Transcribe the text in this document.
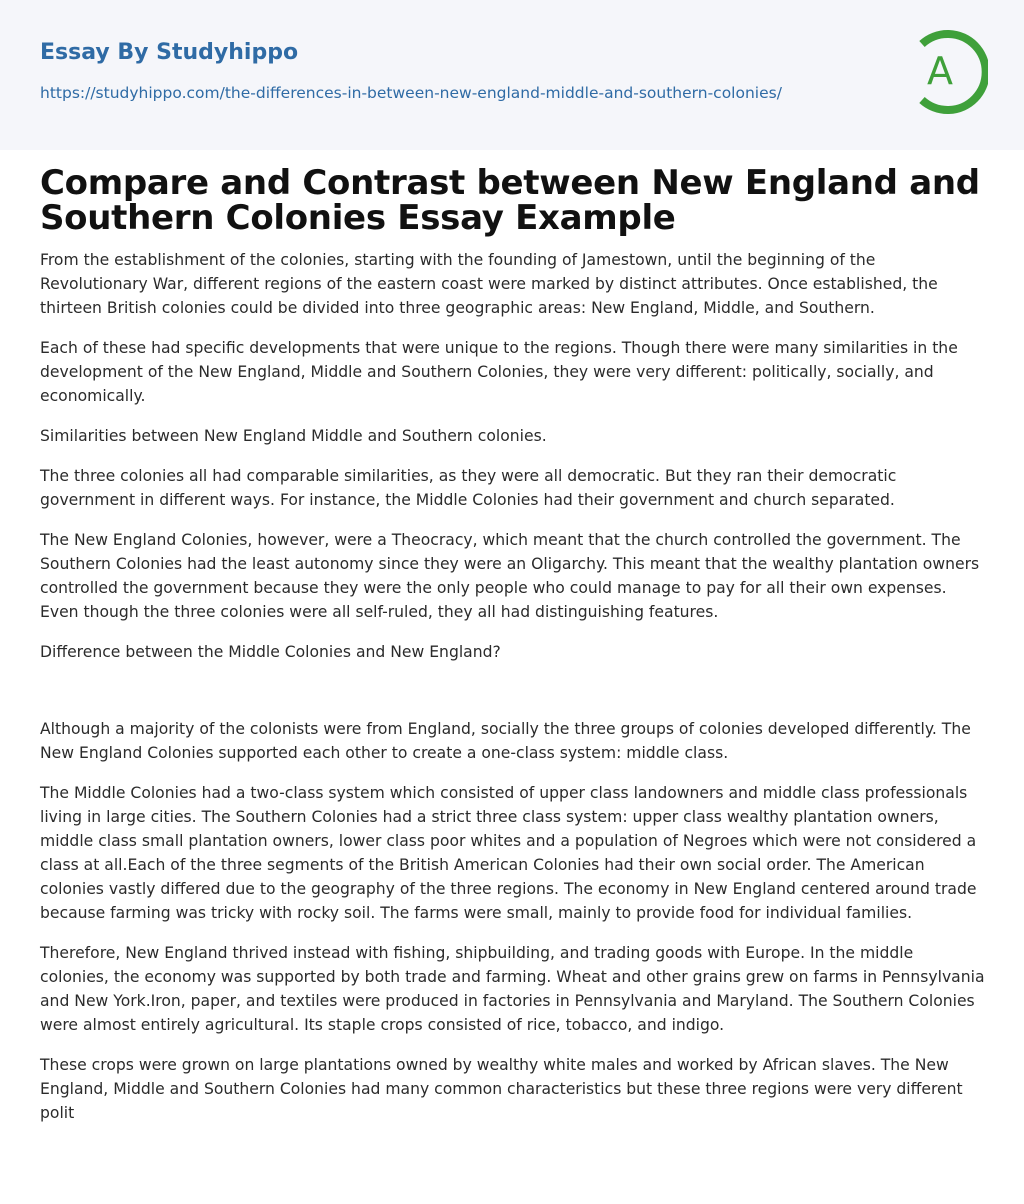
Essay By Studyhippo
https://studyhippo.com/the-differences-in-between-new-england-middle-and-southern-colonies/	A
Compare and Contrast between New England and Southern Colonies Essay Example

From the establishment of the colonies, starting with the founding of Jamestown, until the beginning of the Revolutionary War, different regions of the eastern coast were marked by distinct attributes. Once established, the thirteen British colonies could be divided into three geographic areas: New England, Middle, and Southern.

Each of these had specific developments that were unique to the regions. Though there were many similarities in the development of the New England, Middle and Southern Colonies, they were very different: politically, socially, and economically.

Similarities between New England Middle and Southern colonies.

The three colonies all had comparable similarities, as they were all democratic. But they ran their democratic government in different ways. For instance, the Middle Colonies had their government and church separated.

The New England Colonies, however, were a Theocracy, which meant that the church controlled the government. The Southern Colonies had the least autonomy since they were an Oligarchy. This meant that the wealthy plantation owners controlled the government because they were the only people who could manage to pay for all their own expenses. Even though the three colonies were all self-ruled, they all had distinguishing features.

Difference between the Middle Colonies and New England?

Although a majority of the colonists were from England, socially the three groups of colonies developed differently. The New England Colonies supported each other to create a one-class system: middle class.

The Middle Colonies had a two-class system which consisted of upper class landowners and middle class professionals living in large cities. The Southern Colonies had a strict three class system: upper class wealthy plantation owners, middle class small plantation owners, lower class poor whites and a population of Negroes which were not considered a class at all.Each of the three segments of the British American Colonies had their own social order. The American colonies vastly differed due to the geography of the three regions. The economy in New England centered around trade because farming was tricky with rocky soil. The farms were small, mainly to provide food for individual families.

Therefore, New England thrived instead with fishing, shipbuilding, and trading goods with Europe. In the middle colonies, the economy was supported by both trade and farming. Wheat and other grains grew on farms in Pennsylvania and New York.Iron, paper, and textiles were produced in factories in Pennsylvania and Maryland. The Southern Colonies were almost entirely agricultural. Its staple crops consisted of rice, tobacco, and indigo.

These crops were grown on large plantations owned by wealthy white males and worked by African slaves. The New England, Middle and Southern Colonies had many common characteristics but these three regions were very different polit
